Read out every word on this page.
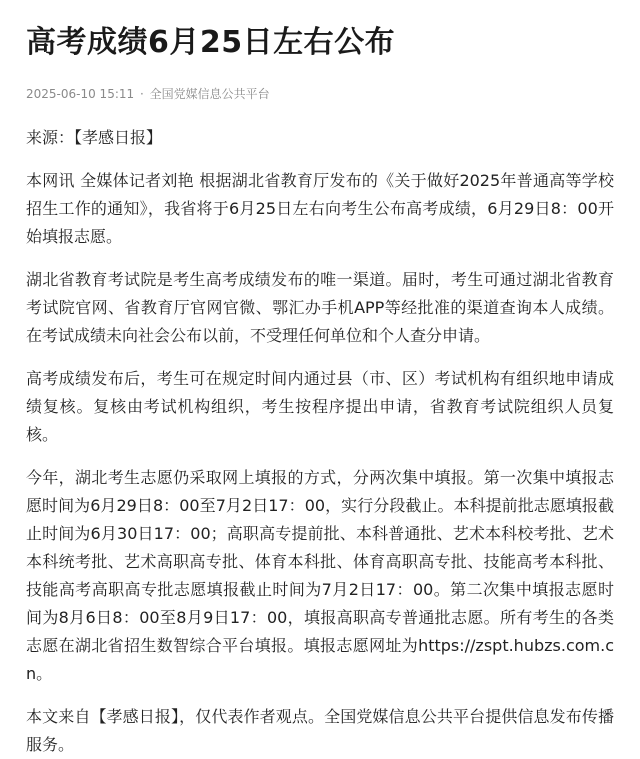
高考成绩6月25日左右公布
2025-06-10 15:11 · 全国党媒信息公共平台

来源：【孝感日报】

本网讯 全媒体记者刘艳 根据湖北省教育厅发布的《关于做好2025年普通高等学校招生工作的通知》，我省将于6月25日左右向考生公布高考成绩，6月29日8：00开始填报志愿。

湖北省教育考试院是考生高考成绩发布的唯一渠道。届时，考生可通过湖北省教育考试院官网、省教育厅官网官微、鄂汇办手机APP等经批准的渠道查询本人成绩。在考试成绩未向社会公布以前，不受理任何单位和个人查分申请。

高考成绩发布后，考生可在规定时间内通过县（市、区）考试机构有组织地申请成绩复核。复核由考试机构组织，考生按程序提出申请，省教育考试院组织人员复核。

今年，湖北考生志愿仍采取网上填报的方式，分两次集中填报。第一次集中填报志愿时间为6月29日8：00至7月2日17：00，实行分段截止。本科提前批志愿填报截止时间为6月30日17：00；高职高专提前批、本科普通批、艺术本科校考批、艺术本科统考批、艺术高职高专批、体育本科批、体育高职高专批、技能高考本科批、技能高考高职高专批志愿填报截止时间为7月2日17：00。第二次集中填报志愿时间为8月6日8：00至8月9日17：00，填报高职高专普通批志愿。所有考生的各类志愿在湖北省招生数智综合平台填报。填报志愿网址为https://zspt.hubzs.com.cn。

本文来自【孝感日报】，仅代表作者观点。全国党媒信息公共平台提供信息发布传播服务。
